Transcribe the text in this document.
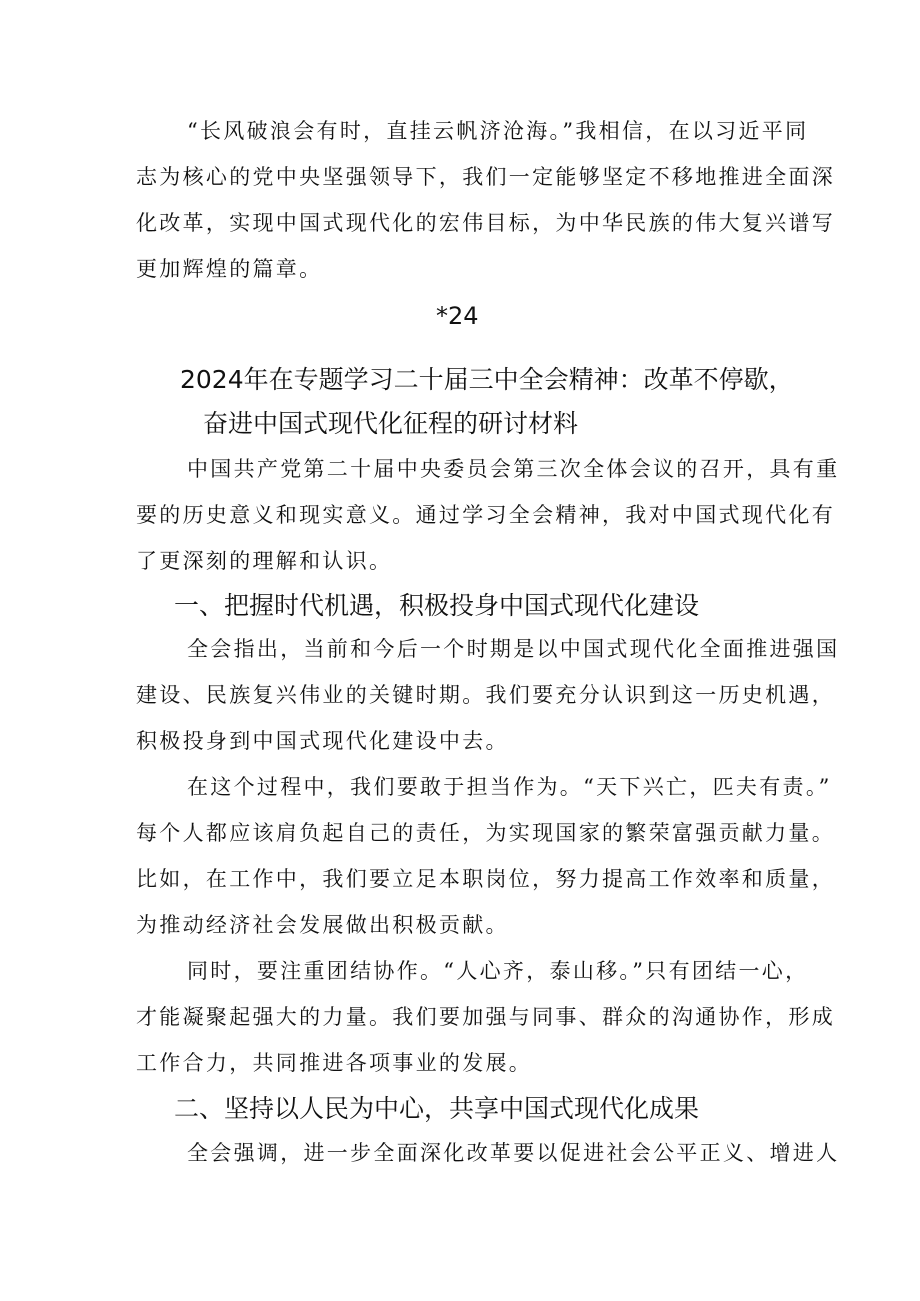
“长风破浪会有时，直挂云帆济沧海。”我相信，在以习近平同
志为核心的党中央坚强领导下，我们一定能够坚定不移地推进全面深
化改革，实现中国式现代化的宏伟目标，为中华民族的伟大复兴谱写
更加辉煌的篇章。
*24
2024年在专题学习二十届三中全会精神：改革不停歇，
奋进中国式现代化征程的研讨材料
中国共产党第二十届中央委员会第三次全体会议的召开，具有重
要的历史意义和现实意义。通过学习全会精神，我对中国式现代化有
了更深刻的理解和认识。
一、把握时代机遇，积极投身中国式现代化建设
全会指出，当前和今后一个时期是以中国式现代化全面推进强国
建设、民族复兴伟业的关键时期。我们要充分认识到这一历史机遇，
积极投身到中国式现代化建设中去。
在这个过程中，我们要敢于担当作为。“天下兴亡，匹夫有责。”
每个人都应该肩负起自己的责任，为实现国家的繁荣富强贡献力量。
比如，在工作中，我们要立足本职岗位，努力提高工作效率和质量，
为推动经济社会发展做出积极贡献。
同时，要注重团结协作。“人心齐，泰山移。”只有团结一心，
才能凝聚起强大的力量。我们要加强与同事、群众的沟通协作，形成
工作合力，共同推进各项事业的发展。
二、坚持以人民为中心，共享中国式现代化成果
全会强调，进一步全面深化改革要以促进社会公平正义、增进人
